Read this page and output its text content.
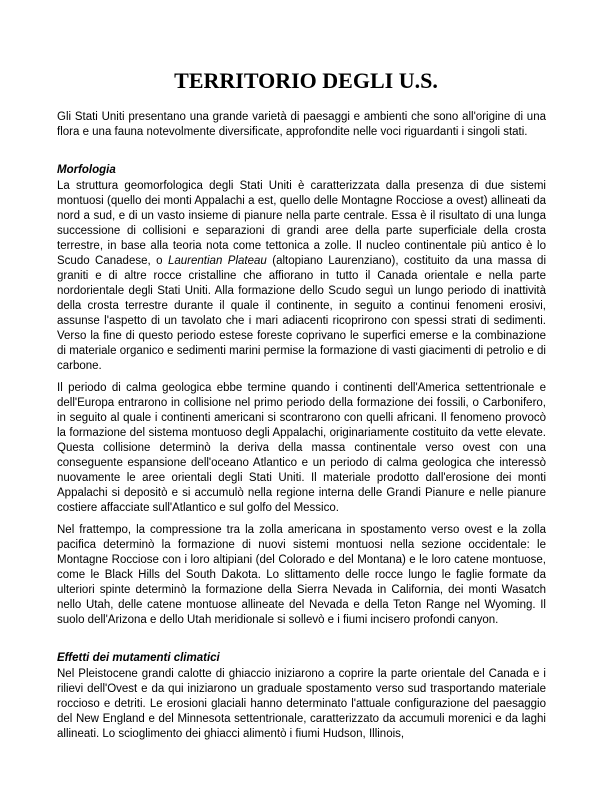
TERRITORIO DEGLI U.S.

Gli Stati Uniti presentano una grande varietà di paesaggi e ambienti che sono all'origine di una flora e una fauna notevolmente diversificate, approfondite nelle voci riguardanti i singoli stati.

Morfologia

La struttura geomorfologica degli Stati Uniti è caratterizzata dalla presenza di due sistemi montuosi (quello dei monti Appalachi a est, quello delle Montagne Rocciose a ovest) allineati da nord a sud, e di un vasto insieme di pianure nella parte centrale. Essa è il risultato di una lunga successione di collisioni e separazioni di grandi aree della parte superficiale della crosta terrestre, in base alla teoria nota come tettonica a zolle. Il nucleo continentale più antico è lo Scudo Canadese, o Laurentian Plateau (altopiano Laurenziano), costituito da una massa di graniti e di altre rocce cristalline che affiorano in tutto il Canada orientale e nella parte nordorientale degli Stati Uniti. Alla formazione dello Scudo seguì un lungo periodo di inattività della crosta terrestre durante il quale il continente, in seguito a continui fenomeni erosivi, assunse l'aspetto di un tavolato che i mari adiacenti ricoprirono con spessi strati di sedimenti. Verso la fine di questo periodo estese foreste coprivano le superfici emerse e la combinazione di materiale organico e sedimenti marini permise la formazione di vasti giacimenti di petrolio e di carbone.

Il periodo di calma geologica ebbe termine quando i continenti dell'America settentrionale e dell'Europa entrarono in collisione nel primo periodo della formazione dei fossili, o Carbonifero, in seguito al quale i continenti americani si scontrarono con quelli africani. Il fenomeno provocò la formazione del sistema montuoso degli Appalachi, originariamente costituito da vette elevate. Questa collisione determinò la deriva della massa continentale verso ovest con una conseguente espansione dell'oceano Atlantico e un periodo di calma geologica che interessò nuovamente le aree orientali degli Stati Uniti. Il materiale prodotto dall'erosione dei monti Appalachi si depositò e si accumulò nella regione interna delle Grandi Pianure e nelle pianure costiere affacciate sull'Atlantico e sul golfo del Messico.

Nel frattempo, la compressione tra la zolla americana in spostamento verso ovest e la zolla pacifica determinò la formazione di nuovi sistemi montuosi nella sezione occidentale: le Montagne Rocciose con i loro altipiani (del Colorado e del Montana) e le loro catene montuose, come le Black Hills del South Dakota. Lo slittamento delle rocce lungo le faglie formate da ulteriori spinte determinò la formazione della Sierra Nevada in California, dei monti Wasatch nello Utah, delle catene montuose allineate del Nevada e della Teton Range nel Wyoming. Il suolo dell'Arizona e dello Utah meridionale si sollevò e i fiumi incisero profondi canyon.

Effetti dei mutamenti climatici

Nel Pleistocene grandi calotte di ghiaccio iniziarono a coprire la parte orientale del Canada e i rilievi dell'Ovest e da qui iniziarono un graduale spostamento verso sud trasportando materiale roccioso e detriti. Le erosioni glaciali hanno determinato l'attuale configurazione del paesaggio del New England e del Minnesota settentrionale, caratterizzato da accumuli morenici e da laghi allineati. Lo scioglimento dei ghiacci alimentò i fiumi Hudson, Illinois,
